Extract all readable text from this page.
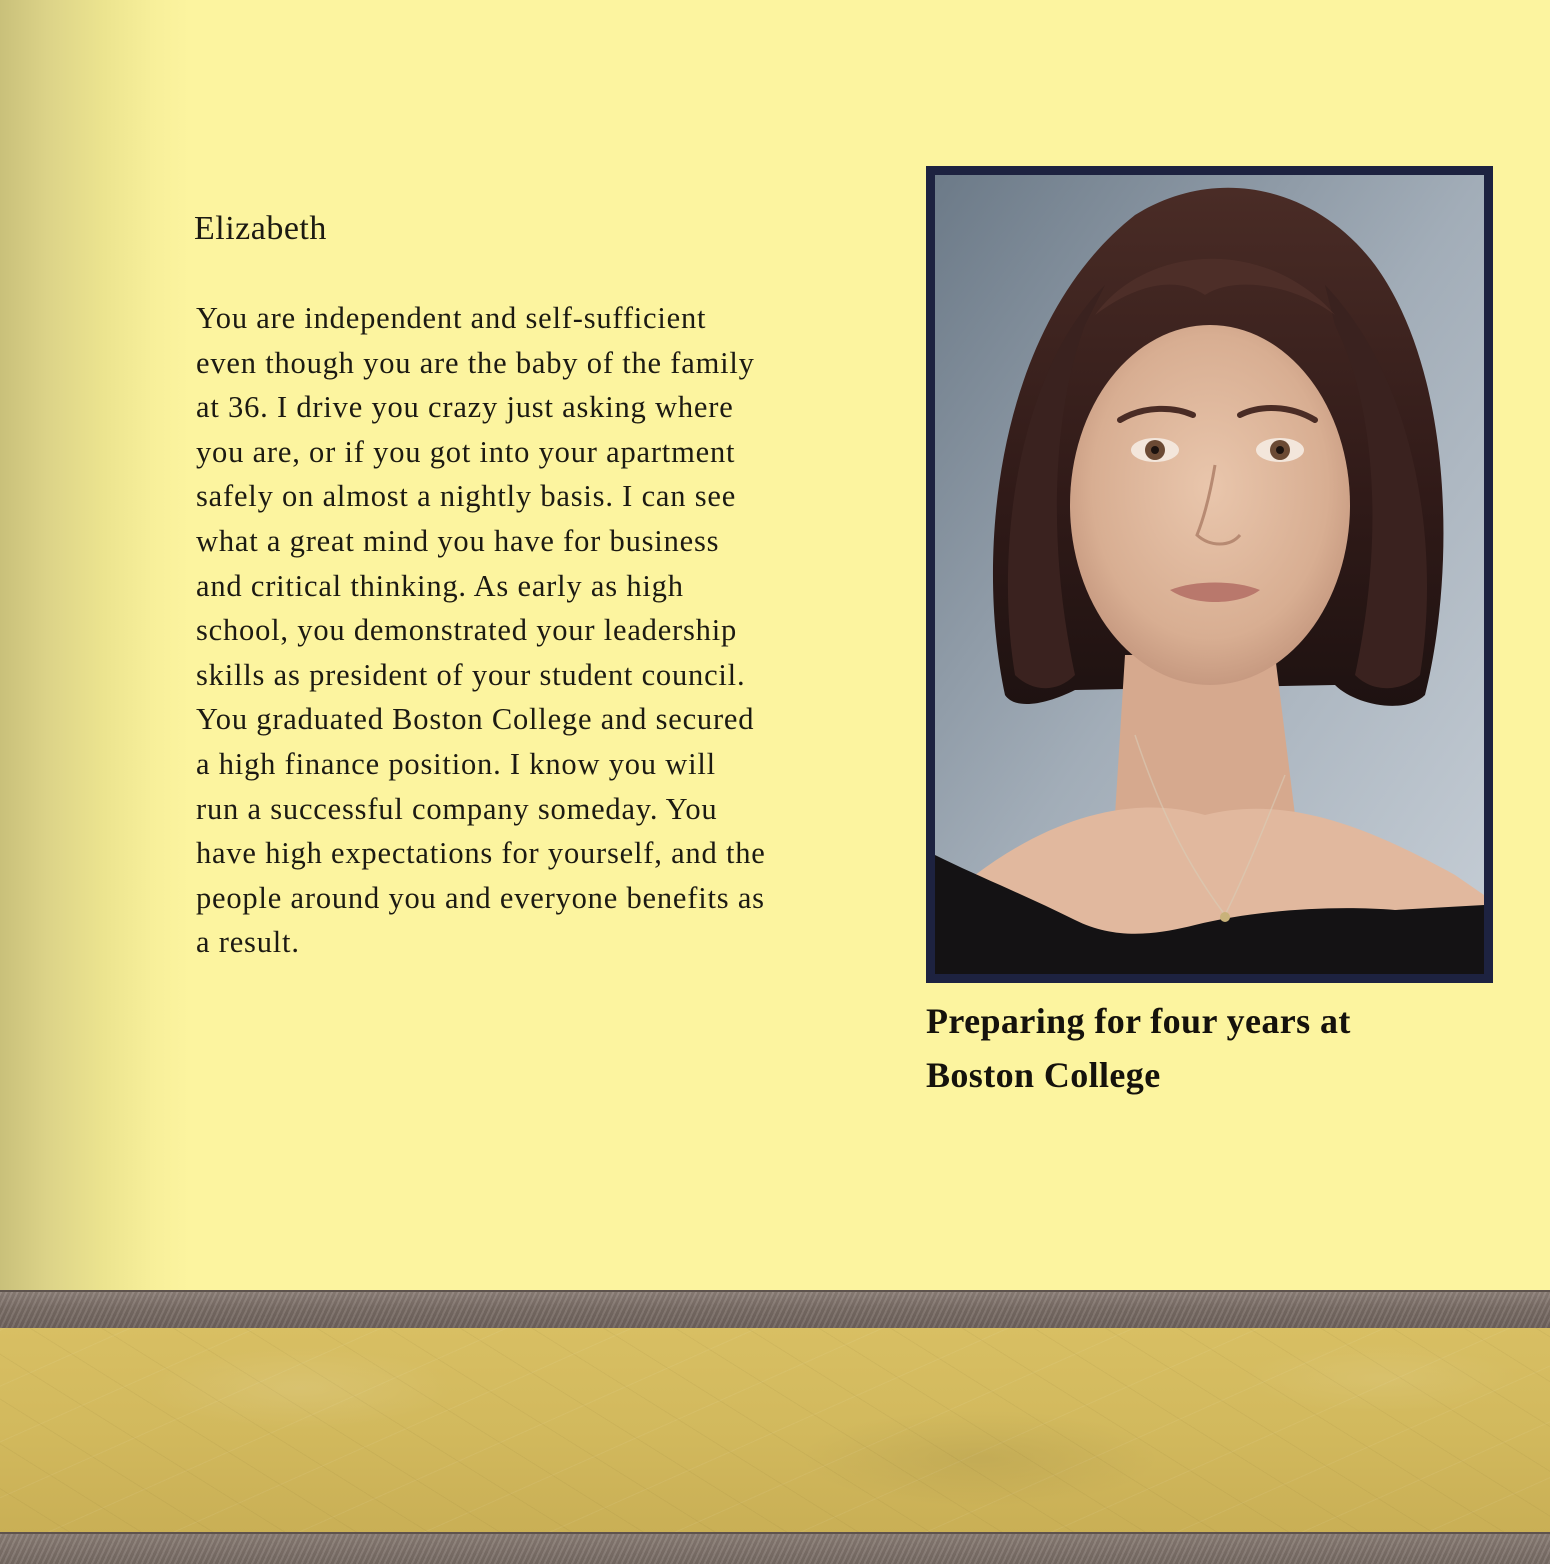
Elizabeth

You are independent and self-sufficient
even though you are the baby of the family
at 36. I drive you crazy just asking where
you are, or if you got into your apartment
safely on almost a nightly basis. I can see
what a great mind you have for business
and critical thinking. As early as high
school, you demonstrated your leadership
skills as president of your student council.
You graduated Boston College and secured
a high finance position. I know you will
run a successful company someday. You
have high expectations for yourself, and the
people around you and everyone benefits as
a result.

Preparing for four years at
Boston College
